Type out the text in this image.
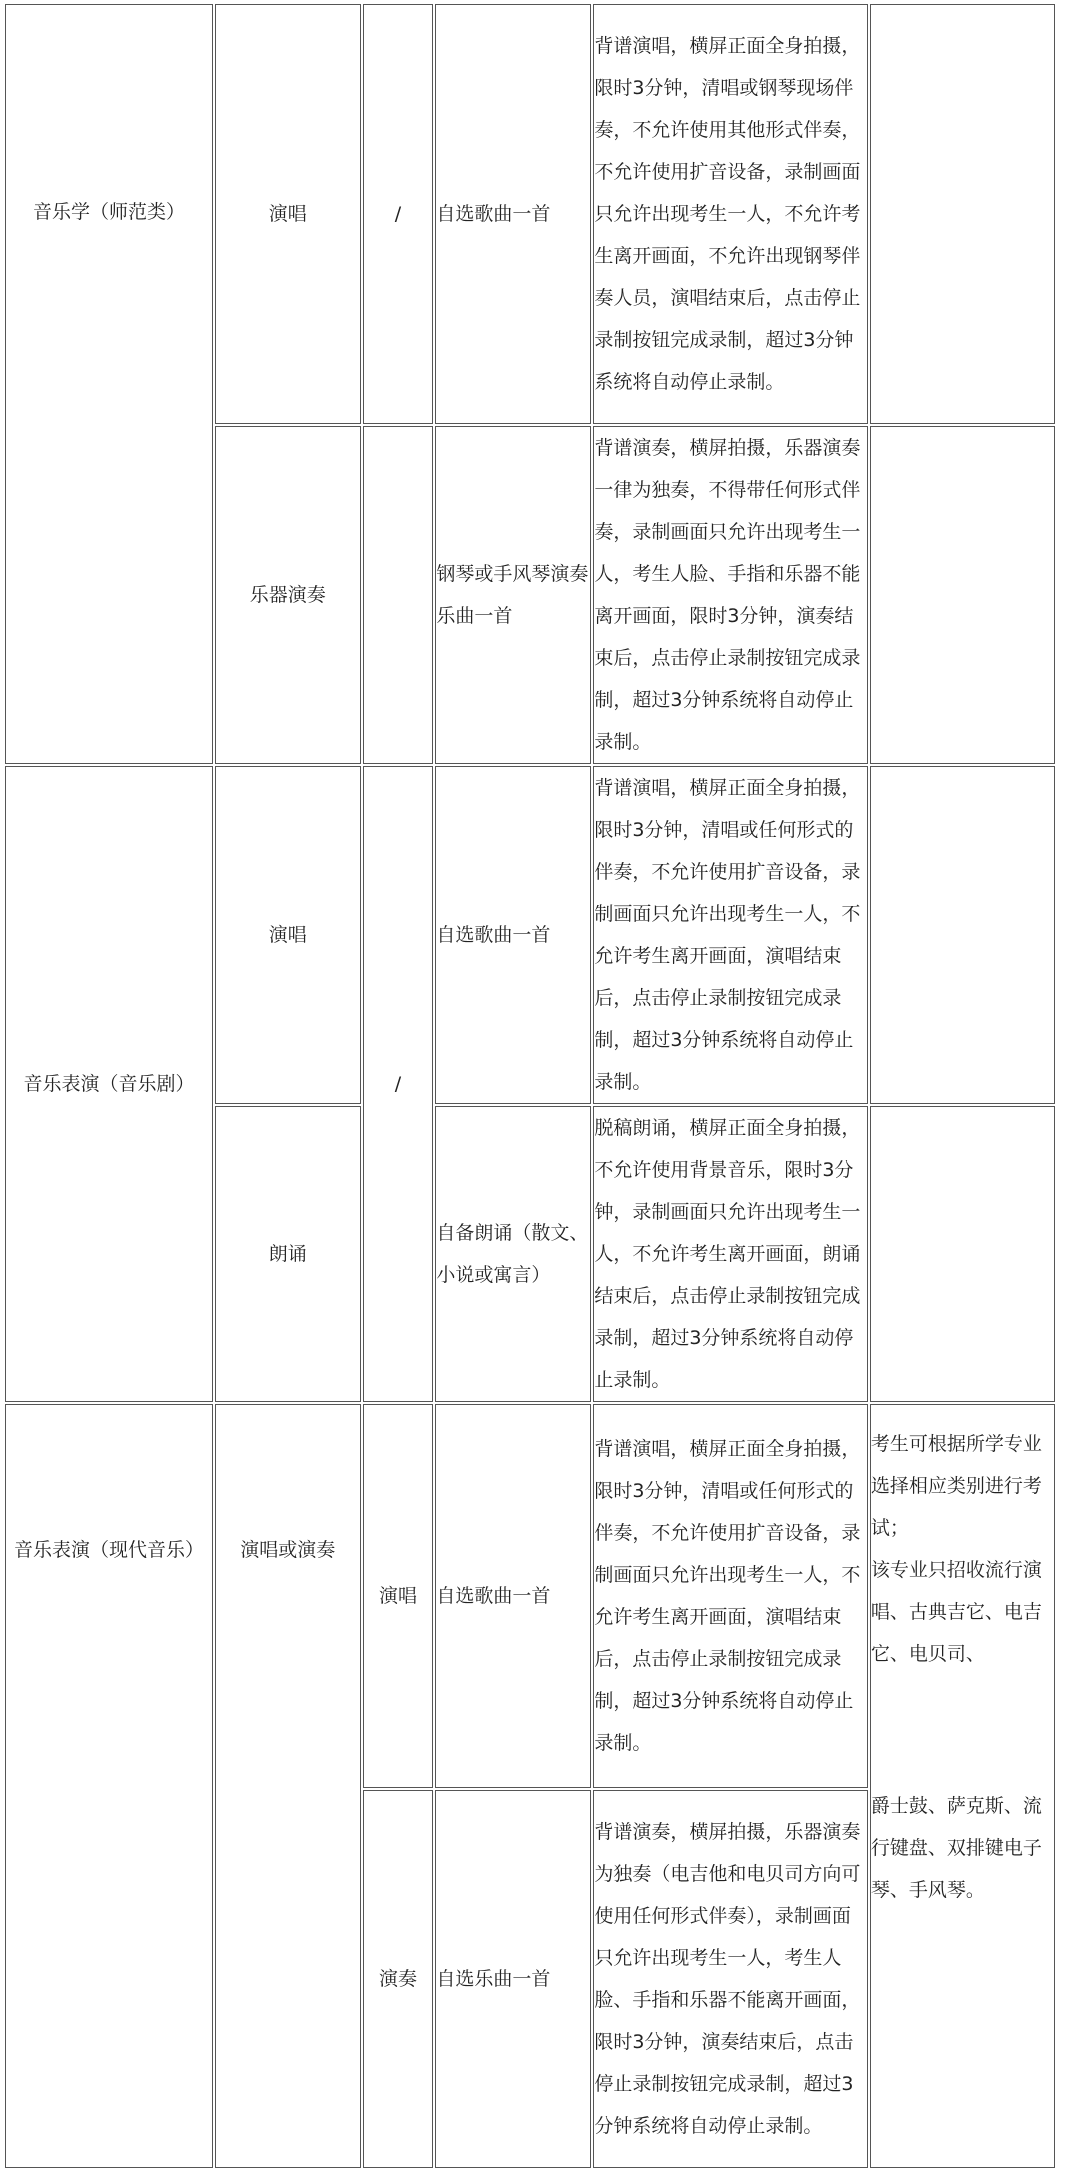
音乐学（师范类）	演唱	/	自选歌曲一首	背谱演唱，横屏正面全身拍摄，限时3分钟，清唱或钢琴现场伴奏，不允许使用其他形式伴奏，不允许使用扩音设备，录制画面只允许出现考生一人，不允许考生离开画面，不允许出现钢琴伴奏人员，演唱结束后，点击停止录制按钮完成录制，超过3分钟系统将自动停止录制。	
	乐器演奏		钢琴或手风琴演奏乐曲一首	背谱演奏，横屏拍摄，乐器演奏一律为独奏，不得带任何形式伴奏，录制画面只允许出现考生一人，考生人脸、手指和乐器不能离开画面，限时3分钟，演奏结束后，点击停止录制按钮完成录制，超过3分钟系统将自动停止录制。	
音乐表演（音乐剧）	演唱	/	自选歌曲一首	背谱演唱，横屏正面全身拍摄，限时3分钟，清唱或任何形式的伴奏，不允许使用扩音设备，录制画面只允许出现考生一人，不允许考生离开画面，演唱结束后，点击停止录制按钮完成录制，超过3分钟系统将自动停止录制。	
	朗诵		自备朗诵（散文、小说或寓言）	脱稿朗诵，横屏正面全身拍摄，不允许使用背景音乐，限时3分钟，录制画面只允许出现考生一人，不允许考生离开画面，朗诵结束后，点击停止录制按钮完成录制，超过3分钟系统将自动停止录制。	
音乐表演（现代音乐）	演唱或演奏	演唱	自选歌曲一首	背谱演唱，横屏正面全身拍摄，限时3分钟，清唱或任何形式的伴奏，不允许使用扩音设备，录制画面只允许出现考生一人，不允许考生离开画面，演唱结束后，点击停止录制按钮完成录制，超过3分钟系统将自动停止录制。	考生可根据所学专业选择相应类别进行考试；
该专业只招收流行演唱、古典吉它、电吉它、电贝司、
爵士鼓、萨克斯、流行键盘、双排键电子琴、手风琴。

		演奏	自选乐曲一首	背谱演奏，横屏拍摄，乐器演奏为独奏（电吉他和电贝司方向可使用任何形式伴奏），录制画面只允许出现考生一人，考生人脸、手指和乐器不能离开画面，限时3分钟，演奏结束后，点击停止录制按钮完成录制，超过3分钟系统将自动停止录制。	
